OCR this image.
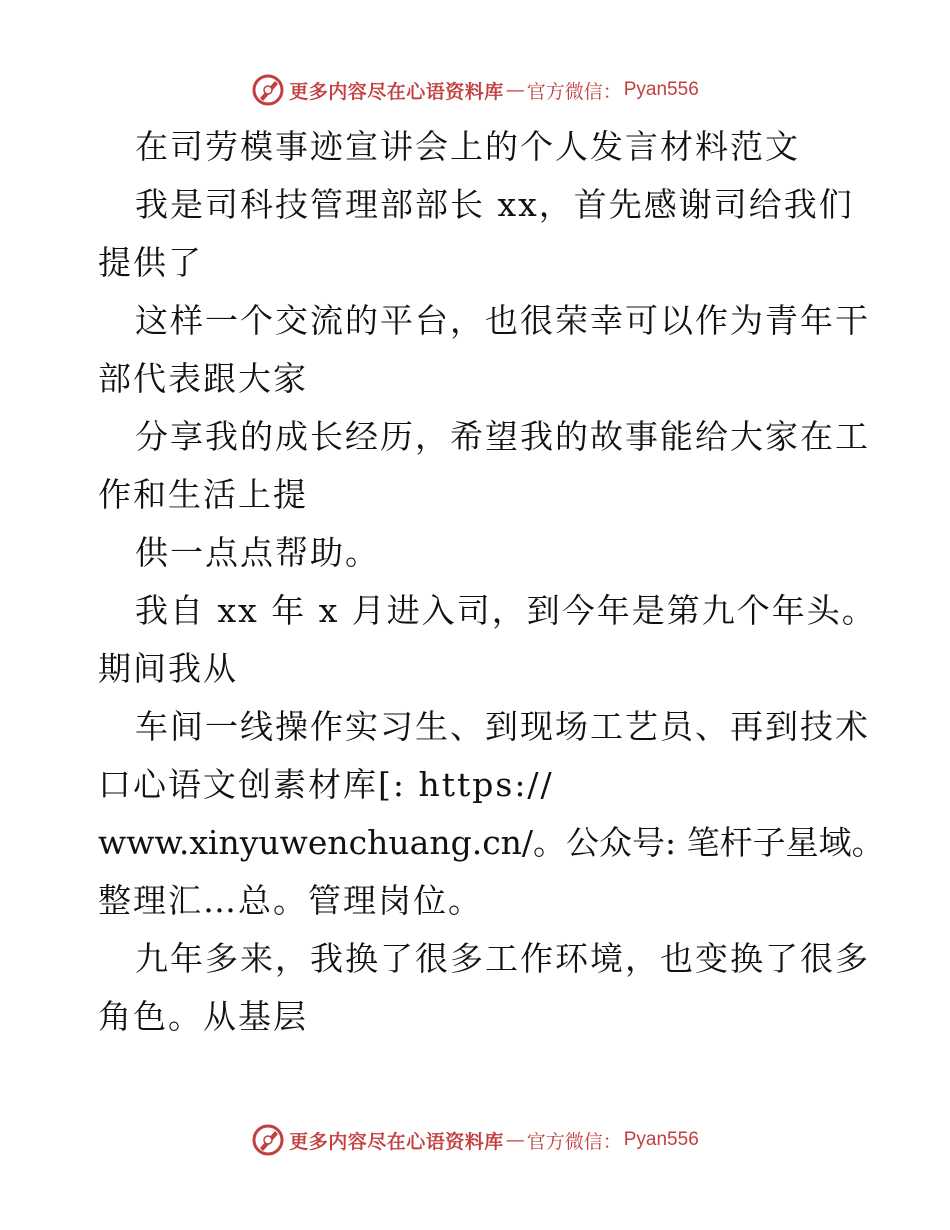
更多内容尽在心语资料库 — 官方微信： Pyan556
在司劳模事迹宣讲会上的个人发言材料范文
我是司科技管理部部长 xx，首先感谢司给我们
提供了
这样一个交流的平台，也很荣幸可以作为青年干
部代表跟大家
分享我的成长经历，希望我的故事能给大家在工
作和生活上提
供一点点帮助。
我自 xx 年 x 月进入司，到今年是第九个年头。
期间我从
车间一线操作实习生、到现场工艺员、再到技术
口心语文创素材库[: https://
www.xinyuwenchuang.cn/。公众号: 笔杆子星域。
整理汇…总。管理岗位。
九年多来，我换了很多工作环境，也变换了很多
角色。从基层
更多内容尽在心语资料库 — 官方微信： Pyan556
